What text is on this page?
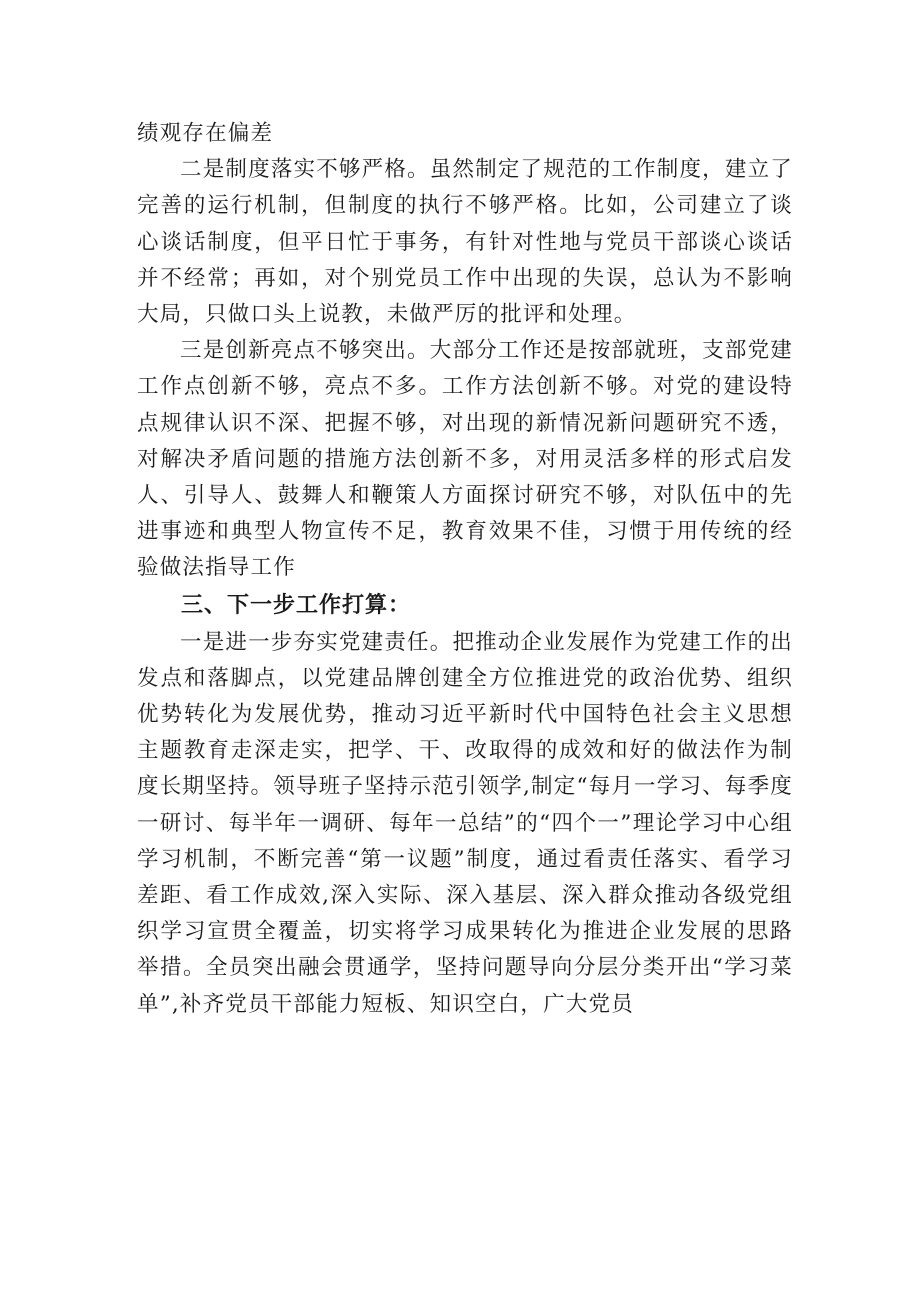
绩观存在偏差

二是制度落实不够严格。虽然制定了规范的工作制度，建立了完善的运行机制，但制度的执行不够严格。比如，公司建立了谈心谈话制度，但平日忙于事务，有针对性地与党员干部谈心谈话并不经常；再如，对个别党员工作中出现的失误，总认为不影响大局，只做口头上说教，未做严厉的批评和处理。

三是创新亮点不够突出。大部分工作还是按部就班，支部党建工作点创新不够，亮点不多。工作方法创新不够。对党的建设特点规律认识不深、把握不够，对出现的新情况新问题研究不透，对解决矛盾问题的措施方法创新不多，对用灵活多样的形式启发人、引导人、鼓舞人和鞭策人方面探讨研究不够，对队伍中的先进事迹和典型人物宣传不足，教育效果不佳，习惯于用传统的经验做法指导工作

三、下一步工作打算：

一是进一步夯实党建责任。把推动企业发展作为党建工作的出发点和落脚点，以党建品牌创建全方位推进党的政治优势、组织优势转化为发展优势，推动习近平新时代中国特色社会主义思想主题教育走深走实，把学、干、改取得的成效和好的做法作为制度长期坚持。领导班子坚持示范引领学,制定“每月一学习、每季度一研讨、每半年一调研、每年一总结”的“四个一”理论学习中心组学习机制，不断完善“第一议题”制度，通过看责任落实、看学习差距、看工作成效,深入实际、深入基层、深入群众推动各级党组织学习宣贯全覆盖，切实将学习成果转化为推进企业发展的思路举措。全员突出融会贯通学，坚持问题导向分层分类开出“学习菜单”,补齐党员干部能力短板、知识空白，广大党员
